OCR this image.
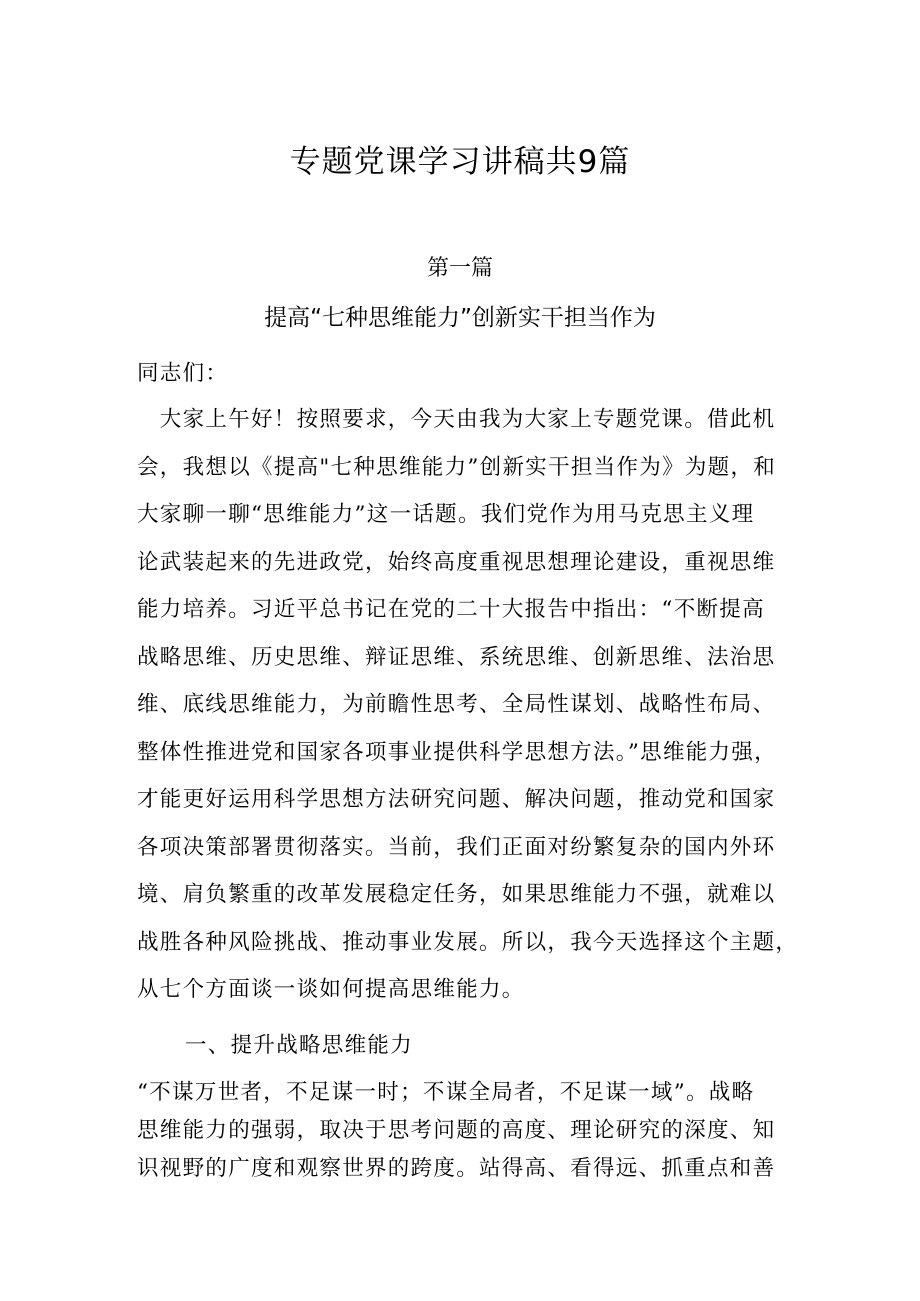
专题党课学习讲稿共9篇
第一篇
提高“七种思维能力”创新实干担当作为
同志们：
　大家上午好！按照要求，今天由我为大家上专题党课。借此机
会，我想以《提高"七种思维能力”创新实干担当作为》为题，和
大家聊一聊“思维能力”这一话题。我们党作为用马克思主义理
论武装起来的先进政党，始终高度重视思想理论建设，重视思维
能力培养。习近平总书记在党的二十大报告中指出：“不断提高
战略思维、历史思维、辩证思维、系统思维、创新思维、法治思
维、底线思维能力，为前瞻性思考、全局性谋划、战略性布局、
整体性推进党和国家各项事业提供科学思想方法。”思维能力强，
才能更好运用科学思想方法研究问题、解决问题，推动党和国家
各项决策部署贯彻落实。当前，我们正面对纷繁复杂的国内外环
境、肩负繁重的改革发展稳定任务，如果思维能力不强，就难以
战胜各种风险挑战、推动事业发展。所以，我今天选择这个主题，
从七个方面谈一谈如何提高思维能力。
一、提升战略思维能力
“不谋万世者，不足谋一时；不谋全局者，不足谋一域”。战略
思维能力的强弱，取决于思考问题的高度、理论研究的深度、知
识视野的广度和观察世界的跨度。站得高、看得远、抓重点和善
